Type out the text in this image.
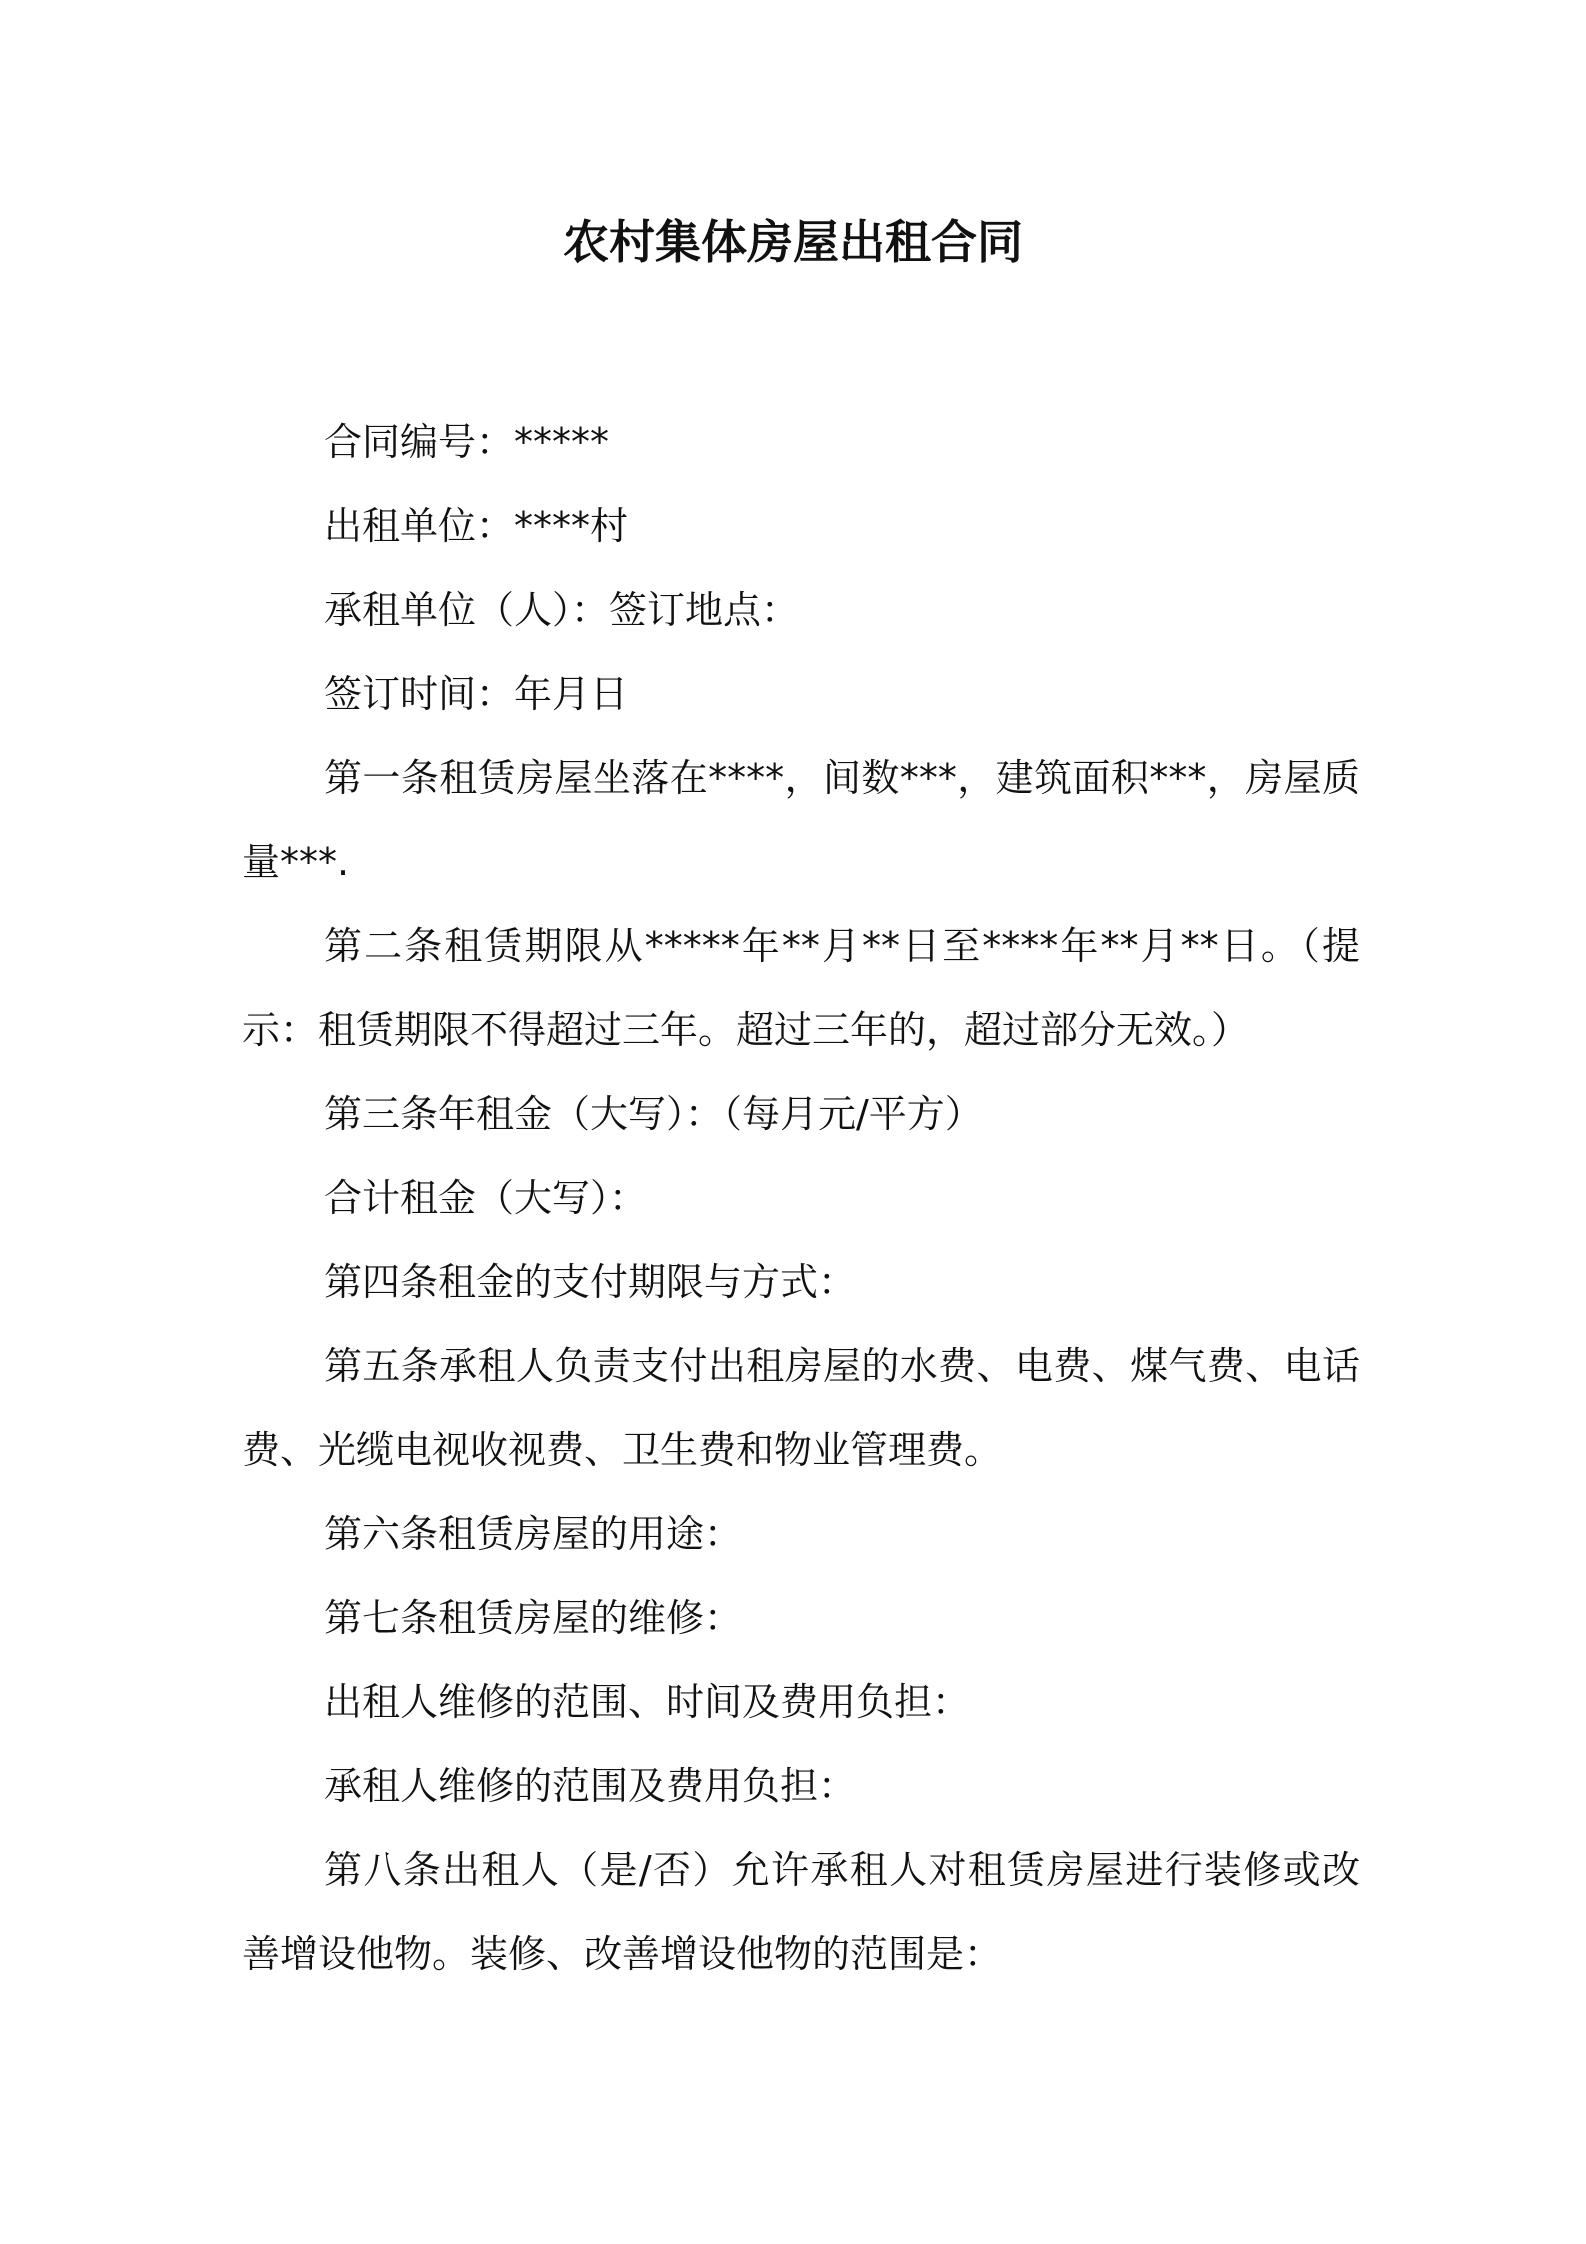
农村集体房屋出租合同

合同编号：*****

出租单位：****村

承租单位（人）：签订地点：

签订时间：年月日

第一条租赁房屋坐落在****，间数***，建筑面积***，房屋质量***.

第二条租赁期限从*****年**月**日至****年**月**日。（提示：租赁期限不得超过三年。超过三年的，超过部分无效。）

第三条年租金（大写）：（每月元/平方）

合计租金（大写）：

第四条租金的支付期限与方式：

第五条承租人负责支付出租房屋的水费、电费、煤气费、电话费、光缆电视收视费、卫生费和物业管理费。

第六条租赁房屋的用途：

第七条租赁房屋的维修：

出租人维修的范围、时间及费用负担：

承租人维修的范围及费用负担：

第八条出租人（是/否）允许承租人对租赁房屋进行装修或改善增设他物。装修、改善增设他物的范围是：
